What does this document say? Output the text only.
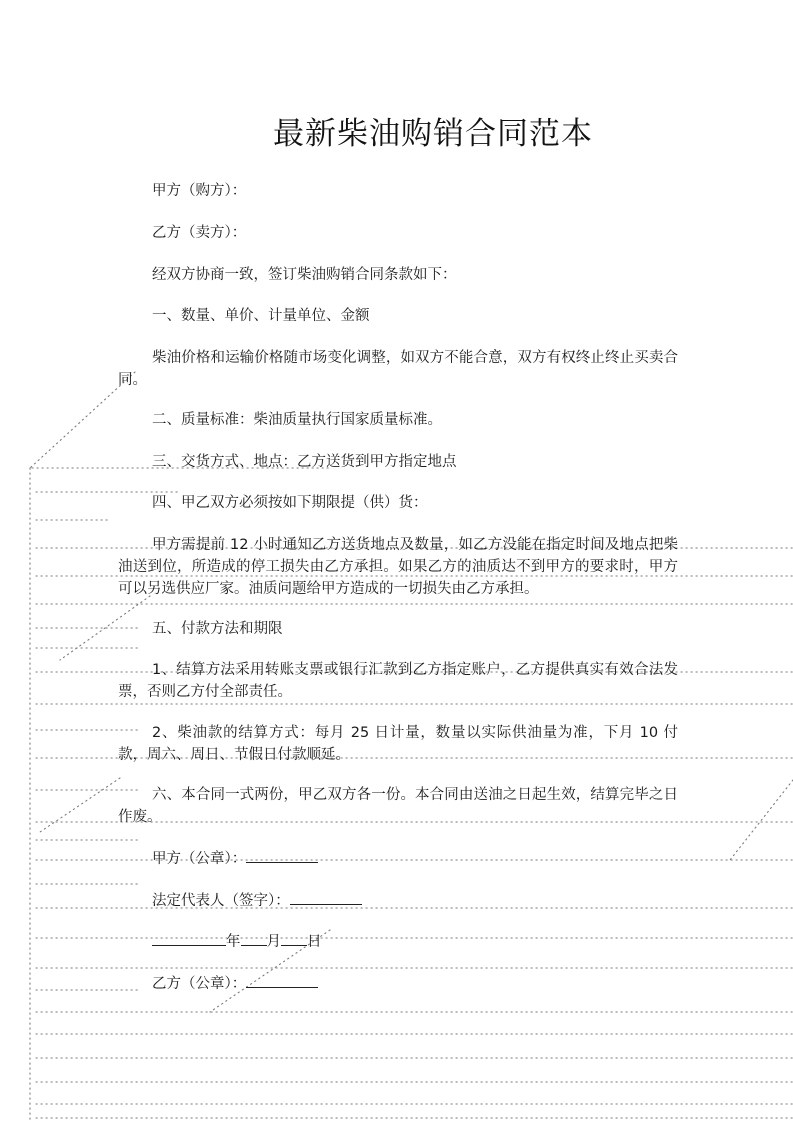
最新柴油购销合同范本
甲方（购方）：
乙方（卖方）：
经双方协商一致，签订柴油购销合同条款如下：
一、数量、单价、计量单位、金额

柴油价格和运输价格随市场变化调整，如双方不能合意，双方有权终止终止买卖合同。

二、质量标准：柴油质量执行国家质量标准。
三、交货方式、地点：乙方送货到甲方指定地点
四、甲乙双方必须按如下期限提（供）货：

甲方需提前 12 小时通知乙方送货地点及数量，如乙方没能在指定时间及地点把柴油送到位，所造成的停工损失由乙方承担。如果乙方的油质达不到甲方的要求时，甲方可以另选供应厂家。油质问题给甲方造成的一切损失由乙方承担。

五、付款方法和期限

1、结算方法采用转账支票或银行汇款到乙方指定账户，乙方提供真实有效合法发票，否则乙方付全部责任。

2、柴油款的结算方式：每月 25 日计量，数量以实际供油量为准，下月 10 付款，周六、周日、节假日付款顺延。

六、本合同一式两份，甲乙双方各一份。本合同由送油之日起生效，结算完毕之日作废。

甲方（公章）：
法定代表人（签字）：
年 月 日
乙方（公章）：
